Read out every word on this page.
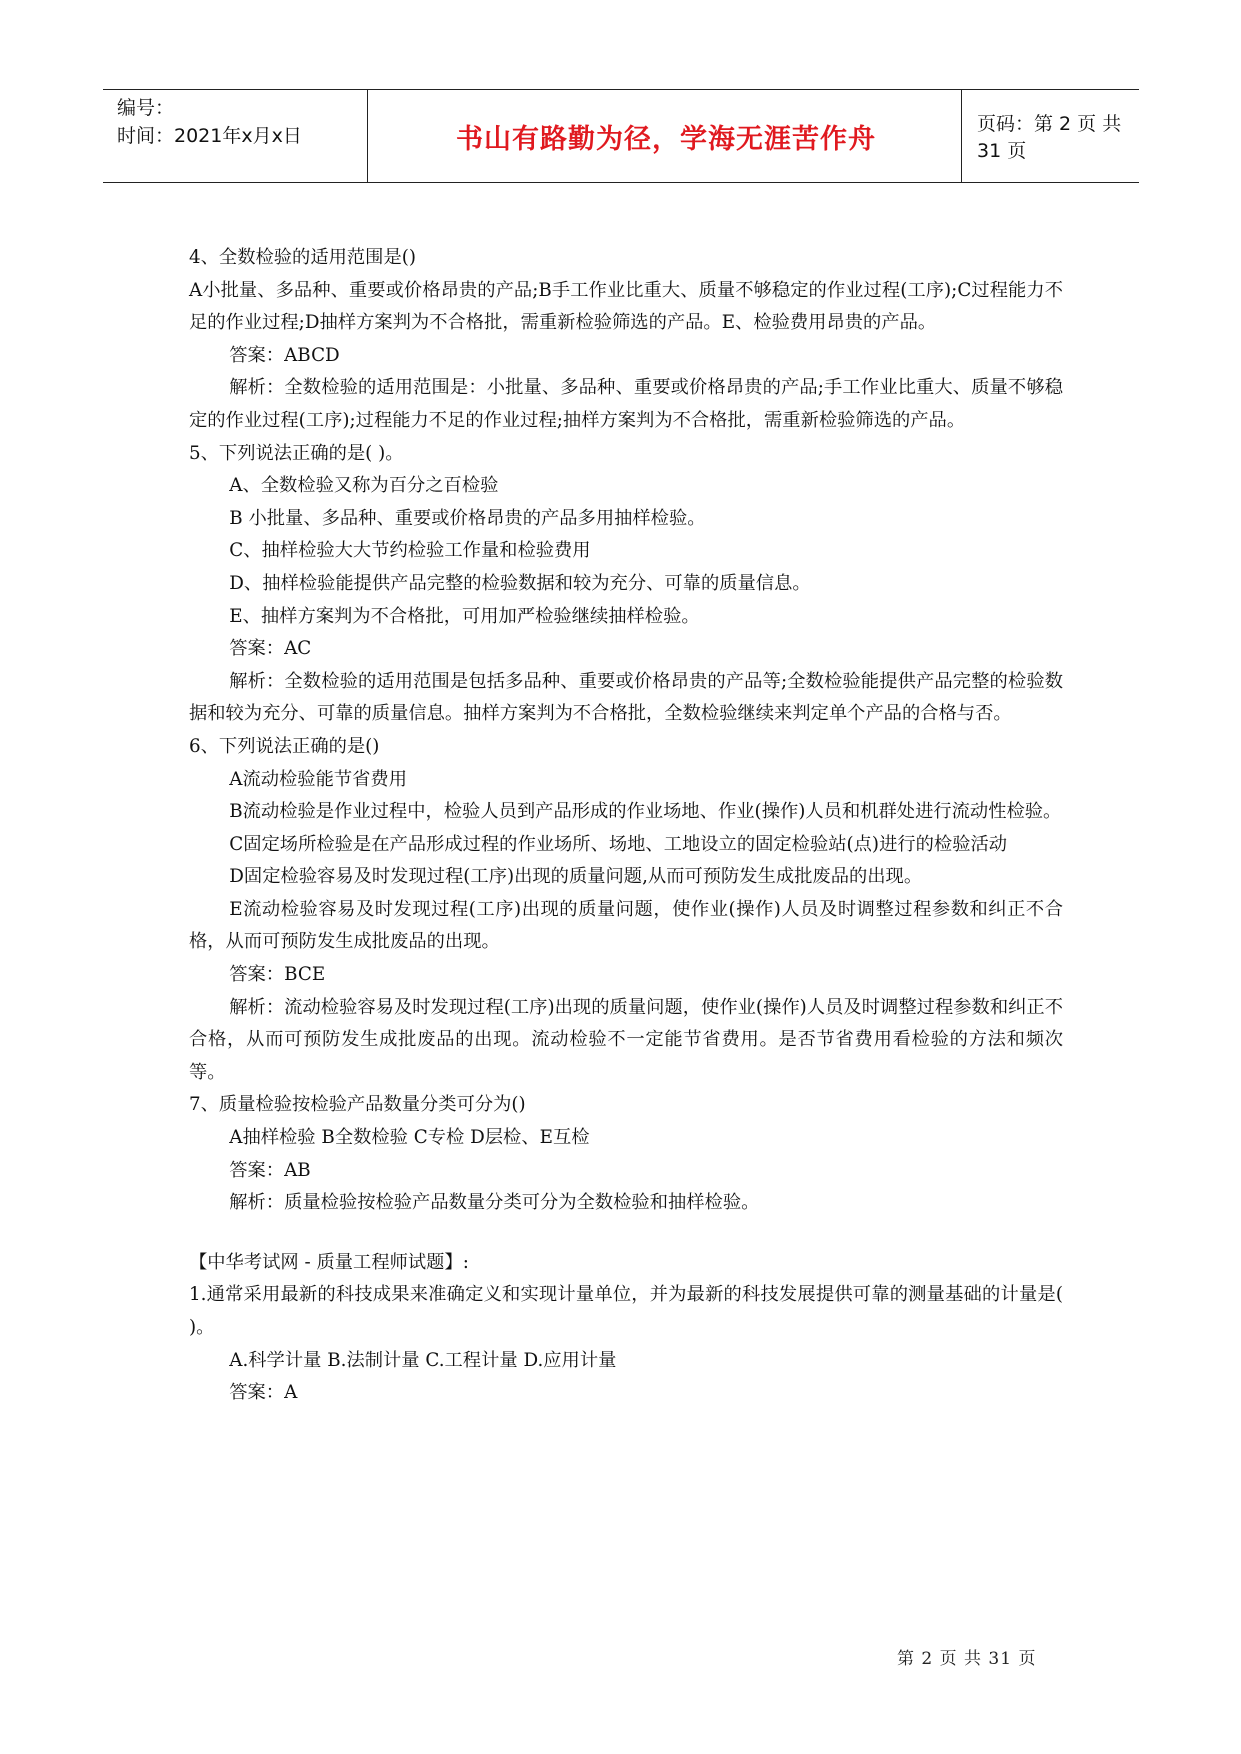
编号：
时间：2021年x月x日	书山有路勤为径，学海无涯苦作舟	页码：第 2 页 共 31 页

4、全数检验的适用范围是()

A小批量、多品种、重要或价格昂贵的产品;B手工作业比重大、质量不够稳定的作业过程(工序);C过程能力不足的作业过程;D抽样方案判为不合格批，需重新检验筛选的产品。E、检验费用昂贵的产品。

答案：ABCD

解析：全数检验的适用范围是：小批量、多品种、重要或价格昂贵的产品;手工作业比重大、质量不够稳定的作业过程(工序);过程能力不足的作业过程;抽样方案判为不合格批，需重新检验筛选的产品。

5、下列说法正确的是( )。

A、全数检验又称为百分之百检验

B 小批量、多品种、重要或价格昂贵的产品多用抽样检验。

C、抽样检验大大节约检验工作量和检验费用

D、抽样检验能提供产品完整的检验数据和较为充分、可靠的质量信息。

E、抽样方案判为不合格批，可用加严检验继续抽样检验。

答案：AC

解析：全数检验的适用范围是包括多品种、重要或价格昂贵的产品等;全数检验能提供产品完整的检验数据和较为充分、可靠的质量信息。抽样方案判为不合格批，全数检验继续来判定单个产品的合格与否。

6、下列说法正确的是()

A流动检验能节省费用

B流动检验是作业过程中，检验人员到产品形成的作业场地、作业(操作)人员和机群处进行流动性检验。

C固定场所检验是在产品形成过程的作业场所、场地、工地设立的固定检验站(点)进行的检验活动

D固定检验容易及时发现过程(工序)出现的质量问题,从而可预防发生成批废品的出现。

E流动检验容易及时发现过程(工序)出现的质量问题，使作业(操作)人员及时调整过程参数和纠正不合格，从而可预防发生成批废品的出现。

答案：BCE

解析：流动检验容易及时发现过程(工序)出现的质量问题，使作业(操作)人员及时调整过程参数和纠正不合格，从而可预防发生成批废品的出现。流动检验不一定能节省费用。是否节省费用看检验的方法和频次等。

7、质量检验按检验产品数量分类可分为()

A抽样检验 B全数检验 C专检 D层检、E互检

答案：AB

解析：质量检验按检验产品数量分类可分为全数检验和抽样检验。

【中华考试网 - 质量工程师试题】:

1.通常采用最新的科技成果来准确定义和实现计量单位，并为最新的科技发展提供可靠的测量基础的计量是( )。

A.科学计量 B.法制计量 C.工程计量 D.应用计量

答案：A

第 2 页 共 31 页
